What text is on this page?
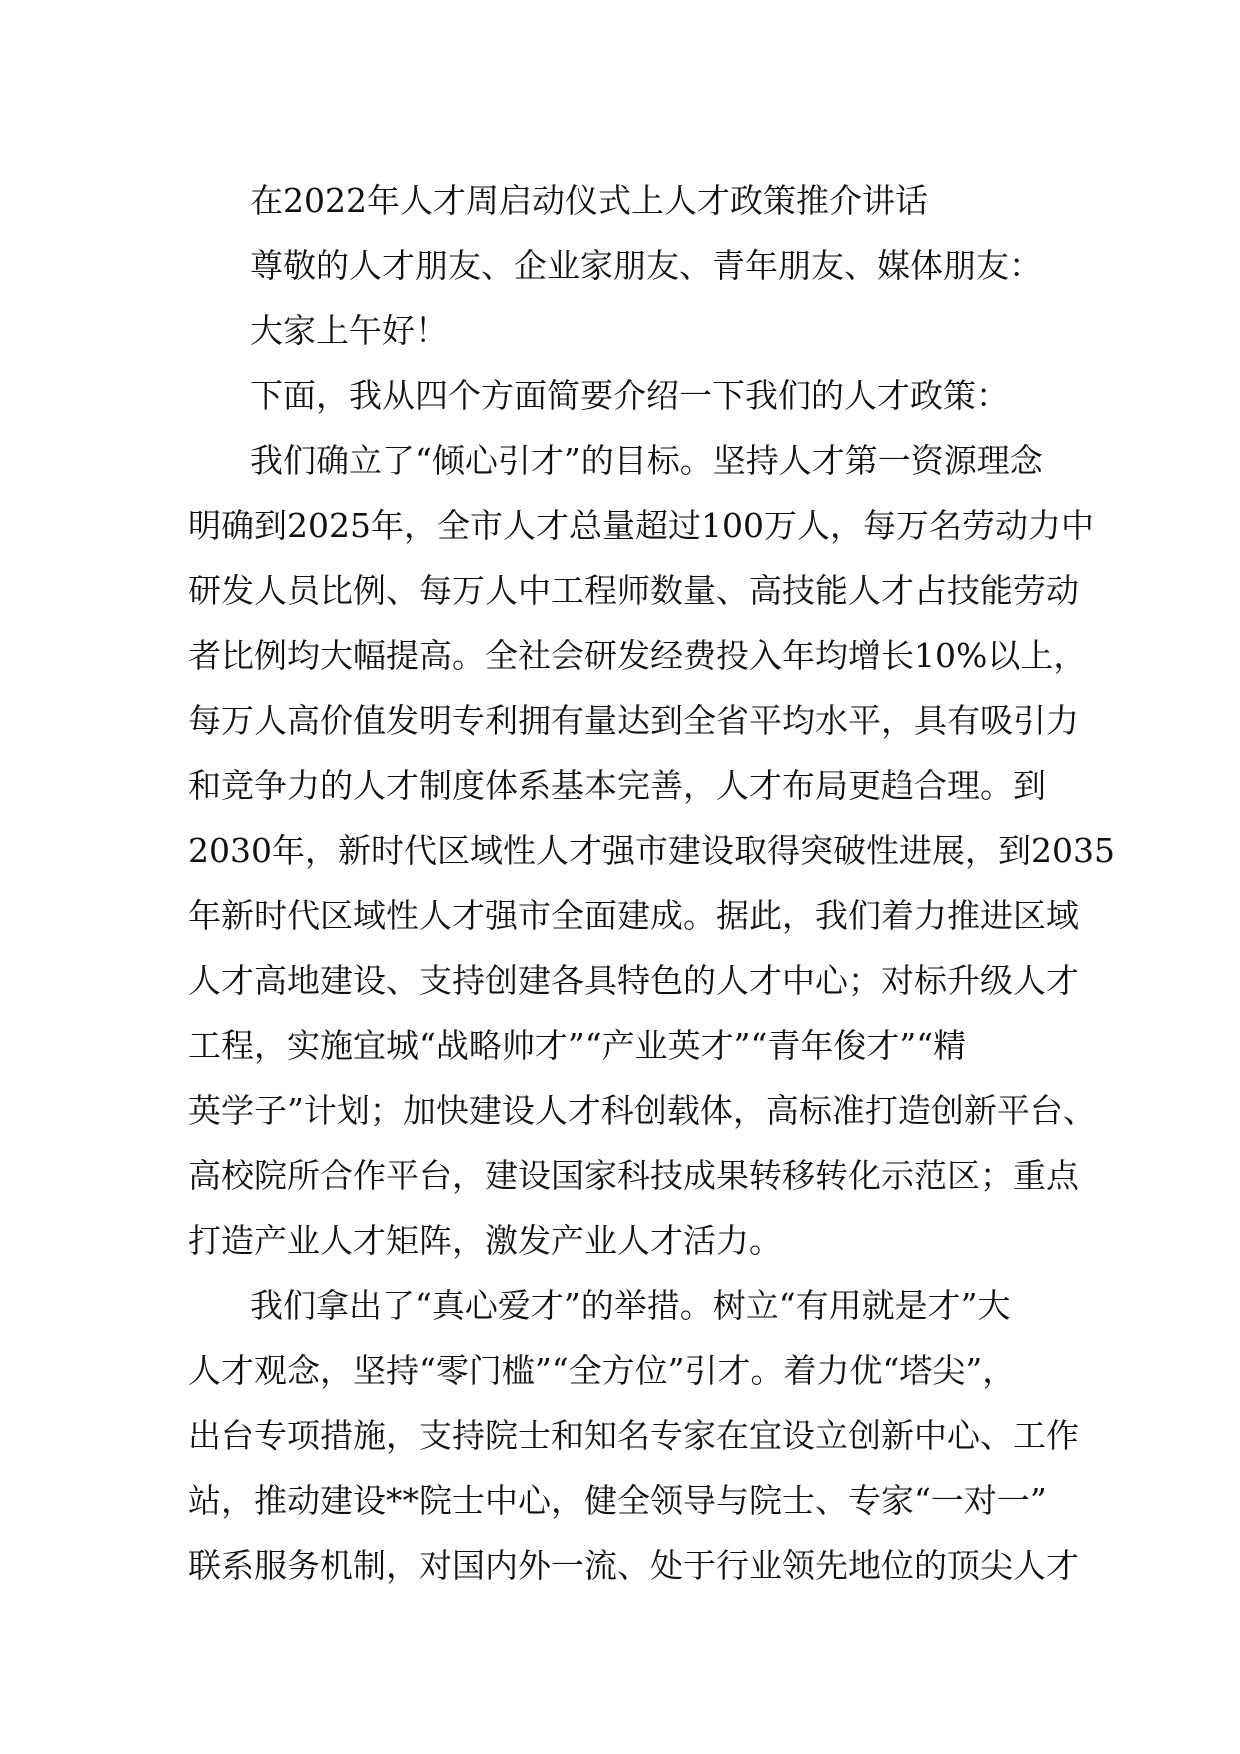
在2022年人才周启动仪式上人才政策推介讲话
尊敬的人才朋友、企业家朋友、青年朋友、媒体朋友：
大家上午好！
下面，我从四个方面简要介绍一下我们的人才政策：
我们确立了“倾心引才”的目标。坚持人才第一资源理念
明确到2025年，全市人才总量超过100万人，每万名劳动力中
研发人员比例、每万人中工程师数量、高技能人才占技能劳动
者比例均大幅提高。全社会研发经费投入年均增长10%以上，
每万人高价值发明专利拥有量达到全省平均水平，具有吸引力
和竞争力的人才制度体系基本完善，人才布局更趋合理。到
2030年，新时代区域性人才强市建设取得突破性进展，到2035
年新时代区域性人才强市全面建成。据此，我们着力推进区域
人才高地建设、支持创建各具特色的人才中心；对标升级人才
工程，实施宜城“战略帅才”“产业英才”“青年俊才”“精
英学子”计划；加快建设人才科创载体，高标准打造创新平台、
高校院所合作平台，建设国家科技成果转移转化示范区；重点
打造产业人才矩阵，激发产业人才活力。
我们拿出了“真心爱才”的举措。树立“有用就是才”大
人才观念，坚持“零门槛”“全方位”引才。着力优“塔尖”，
出台专项措施，支持院士和知名专家在宜设立创新中心、工作
站，推动建设**院士中心，健全领导与院士、专家“一对一”
联系服务机制，对国内外一流、处于行业领先地位的顶尖人才
